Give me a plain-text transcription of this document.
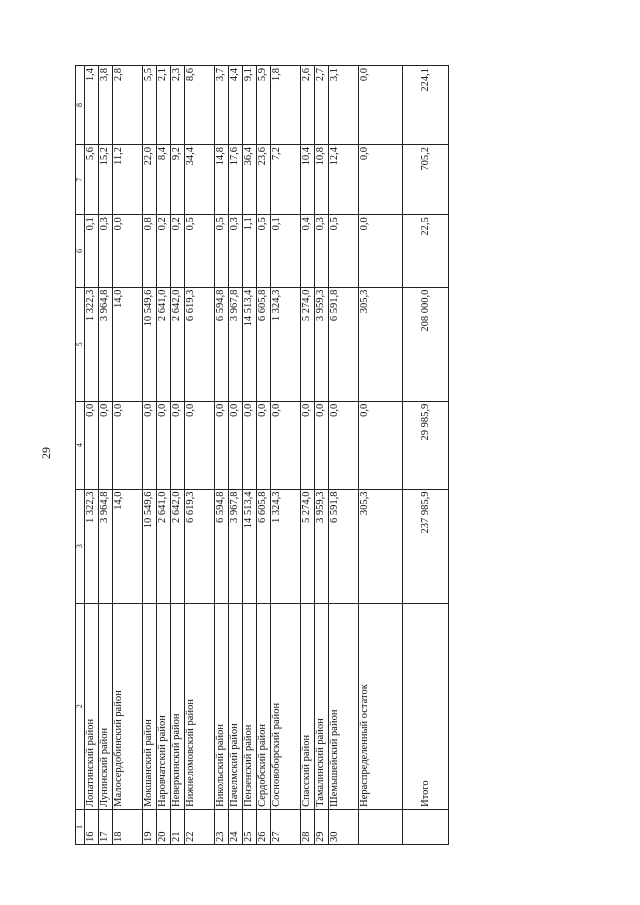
29
1	2	3	4	5	6	7	8
16	Лопатинский район	1 322,3	0,0	1 322,3	0,1	5,6	1,4
17	Лунинский район	3 964,8	0,0	3 964,8	0,3	15,2	3,8
18	Малосердобинский район	14,0	0,0	14,0	0,0	11,2	2,8
19	Мокшанский район	10 549,6	0,0	10 549,6	0,8	22,0	5,5
20	Наровчатский район	2 641,0	0,0	2 641,0	0,2	8,4	2,1
21	Неверкинский район	2 642,0	0,0	2 642,0	0,2	9,2	2,3
22	Нижнеломовский район	6 619,3	0,0	6 619,3	0,5	34,4	8,6
23	Никольский район	6 594,8	0,0	6 594,8	0,5	14,8	3,7
24	Пачелмский район	3 967,8	0,0	3 967,8	0,3	17,6	4,4
25	Пензенский район	14 513,4	0,0	14 513,4	1,1	36,4	9,1
26	Сердобский район	6 605,8	0,0	6 605,8	0,5	23,6	5,9
27	Сосновоборский район	1 324,3	0,0	1 324,3	0,1	7,2	1,8
28	Спасский район	5 274,0	0,0	5 274,0	0,4	10,4	2,6
29	Тамалинский район	3 959,3	0,0	3 959,3	0,3	10,8	2,7
30	Шемышейский район	6 591,8	0,0	6 591,8	0,5	12,4	3,1
	Нераспределенный остаток	305,3	0,0	305,3	0,0	0,0	0,0
	Итого	237 985,9	29 985,9	208 000,0	22,5	705,2	224,1
